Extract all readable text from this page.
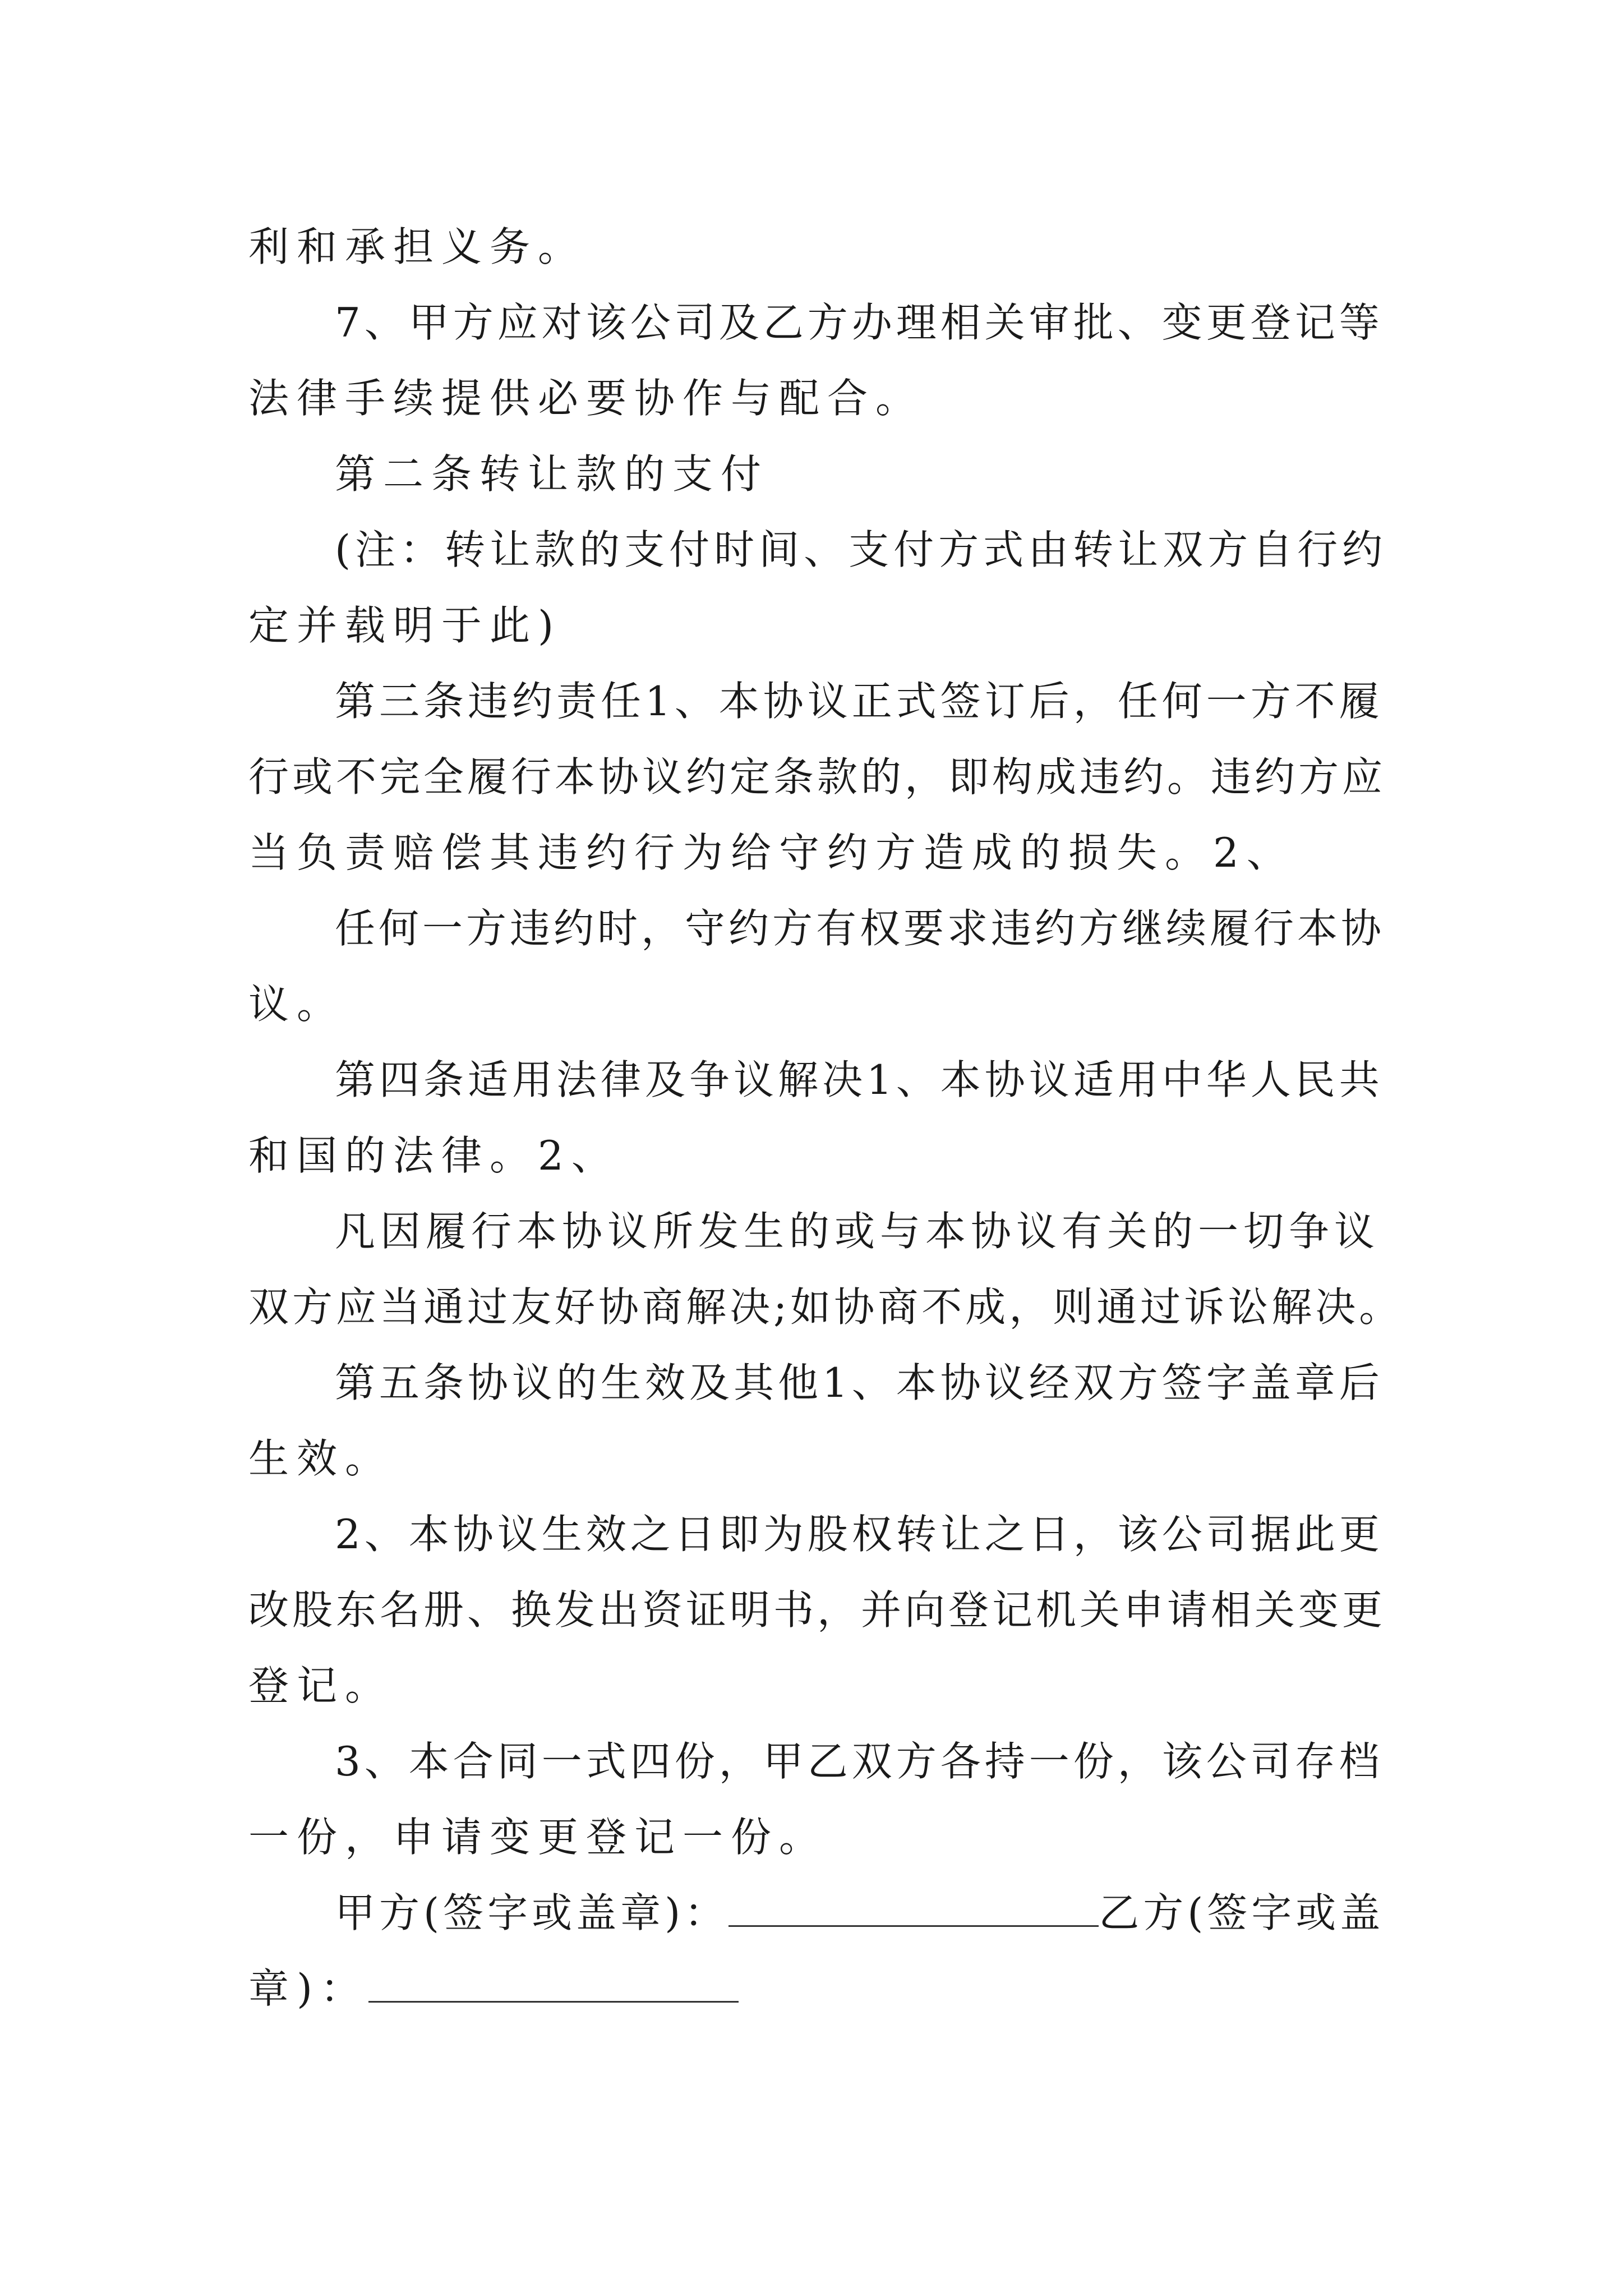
利和承担义务。

7、甲方应对该公司及乙方办理相关审批、变更登记等

法律手续提供必要协作与配合。

第二条转让款的支付

(注：转让款的支付时间、支付方式由转让双方自行约

定并载明于此)

第三条违约责任1、本协议正式签订后，任何一方不履

行或不完全履行本协议约定条款的，即构成违约。违约方应

当负责赔偿其违约行为给守约方造成的损失。2、

任何一方违约时，守约方有权要求违约方继续履行本协

议。

第四条适用法律及争议解决1、本协议适用中华人民共

和国的法律。2、

凡因履行本协议所发生的或与本协议有关的一切争议

双方应当通过友好协商解决;如协商不成，则通过诉讼解决。

第五条协议的生效及其他1、本协议经双方签字盖章后

生效。

2、本协议生效之日即为股权转让之日，该公司据此更

改股东名册、换发出资证明书，并向登记机关申请相关变更

登记。

3、本合同一式四份，甲乙双方各持一份，该公司存档

一份，申请变更登记一份。

甲方(签字或盖章)：	乙方(签字或盖

章)：
